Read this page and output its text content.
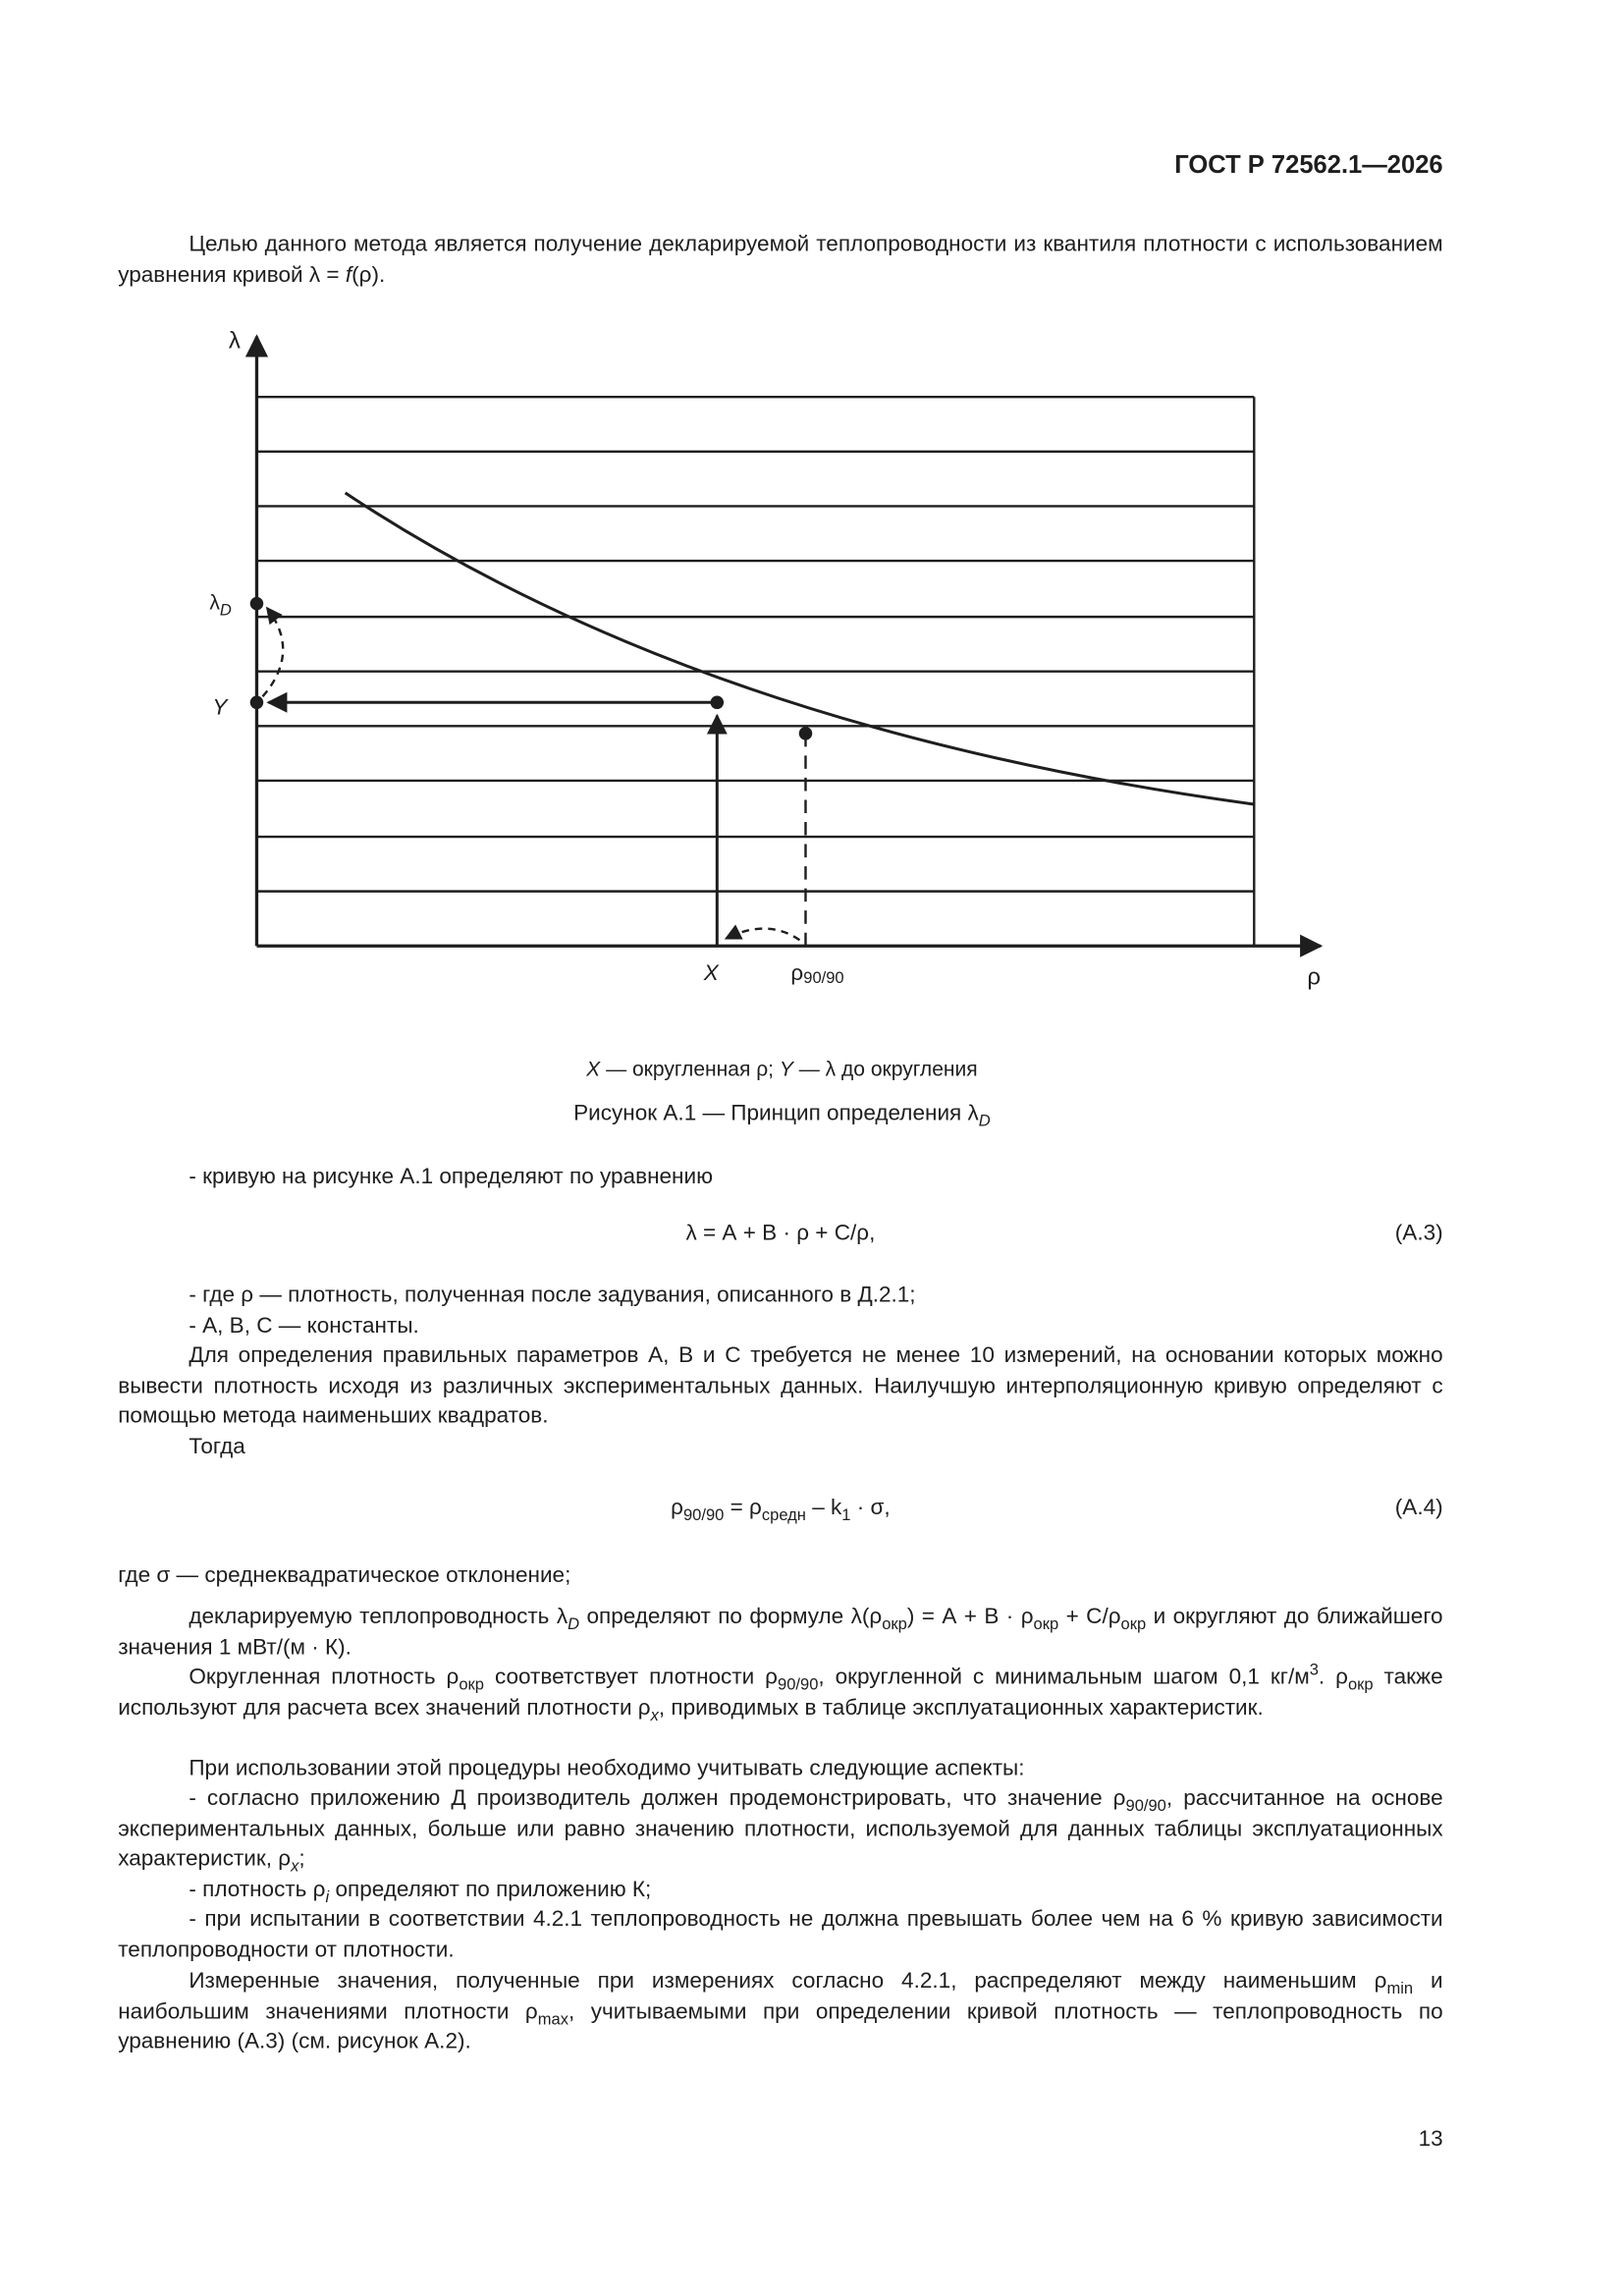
ГОСТ Р 72562.1—2026

Целью данного метода является получение декларируемой теплопроводности из квантиля плотности с использованием уравнения кривой λ = f(ρ).

λ
ρ
$\lambda_D$
Y
X	ρ90/90
X — округленная ρ; Y — λ до округления
Рисунок А.1 — Принцип определения $\lambda_D$

- кривую на рисунке А.1 определяют по уравнению

λ = А + В · ρ + С/ρ,	(А.3)

- где ρ — плотность, полученная после задувания, описанного в Д.2.1;

- А, В, С — константы.

Для определения правильных параметров А, В и С требуется не менее 10 измерений, на основании которых можно вывести плотность исходя из различных экспериментальных данных. Наилучшую интерполяционную кривую определяют с помощью метода наименьших квадратов.

Тогда

$\rho_{90/90} = \rho_{средн} - k_1 \cdot \sigma$,	(А.4)

где σ — среднеквадратическое отклонение;

декларируемую теплопроводность $\lambda_D$ определяют по формуле $\lambda(\rho_{окр}) = А + В \cdot \rho_{окр} + С/\rho_{окр}$ и округляют до ближайшего значения 1 мВт/(м · К).

Округленная плотность $\rho_{окр}$ соответствует плотности $\rho_{90/90}$, округленной с минимальным шагом 0,1 $кг/м^3$. $\rho_{окр}$ также используют для расчета всех значений плотности $\rho_x$, приводимых в таблице эксплуатационных характеристик.

При использовании этой процедуры необходимо учитывать следующие аспекты:

- согласно приложению Д производитель должен продемонстрировать, что значение $\rho_{90/90}$, рассчитанное на основе экспериментальных данных, больше или равно значению плотности, используемой для данных таблицы эксплуатационных характеристик, $\rho_x$;

- плотность $\rho_i$ определяют по приложению К;

- при испытании в соответствии 4.2.1 теплопроводность не должна превышать более чем на 6 % кривую зависимости теплопроводности от плотности.

Измеренные значения, полученные при измерениях согласно 4.2.1, распределяют между наименьшим $\rho_{min}$ и наибольшим значениями плотности $\rho_{max}$, учитываемыми при определении кривой плотность — теплопроводность по уравнению (А.3) (см. рисунок А.2).

13
